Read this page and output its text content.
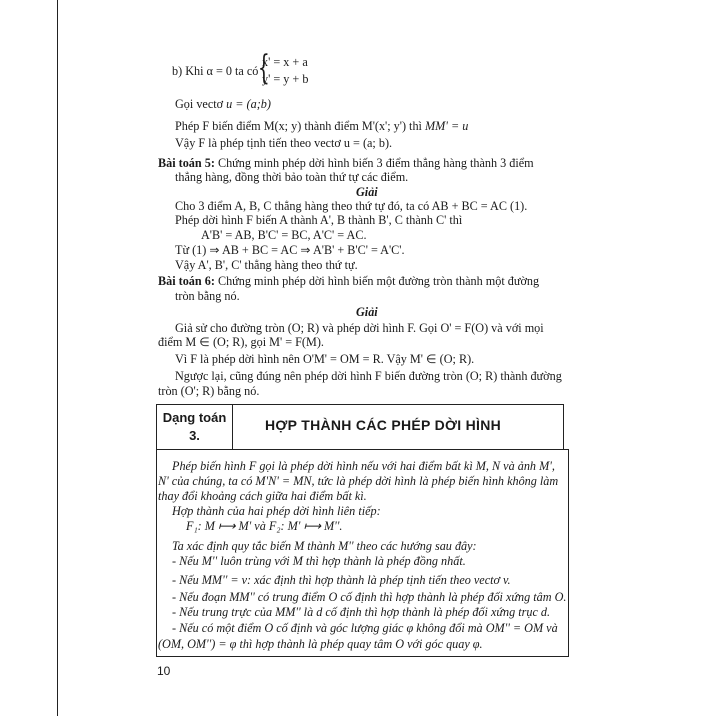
b) Khi α = 0 ta có {
x' = x + a
y' = y + b
Gọi vectơ u = (a;b)
Phép F biến điểm M(x; y) thành điểm M'(x'; y') thì MM' = u
Vậy F là phép tịnh tiến theo vectơ u = (a; b).
Bài toán 5: Chứng minh phép dời hình biến 3 điểm thẳng hàng thành 3 điểm
thẳng hàng, đồng thời bảo toàn thứ tự các điểm.
Giải
Cho 3 điểm A, B, C thẳng hàng theo thứ tự đó, ta có AB + BC = AC (1).
Phép dời hình F biến A thành A', B thành B', C thành C' thì
A'B' = AB, B'C' = BC, A'C' = AC.
Từ (1) ⇒ AB + BC = AC ⇒ A'B' + B'C' = A'C'.
Vậy A', B', C' thẳng hàng theo thứ tự.
Bài toán 6: Chứng minh phép dời hình biến một đường tròn thành một đường
tròn bằng nó.
Giải
Giả sử cho đường tròn (O; R) và phép dời hình F. Gọi O' = F(O) và với mọi
điểm M ∈ (O; R), gọi M' = F(M).
Vì F là phép dời hình nên O'M' = OM = R. Vậy M' ∈ (O; R).
Ngược lại, cũng đúng nên phép dời hình F biến đường tròn (O; R) thành đường
tròn (O'; R) bằng nó.
Dạng toán
3.
HỢP THÀNH CÁC PHÉP DỜI HÌNH
Phép biến hình F gọi là phép dời hình nếu với hai điểm bất kì M, N và ảnh M',
N' của chúng, ta có M'N' = MN, tức là phép dời hình là phép biến hình không làm
thay đổi khoảng cách giữa hai điểm bất kì.
Hợp thành của hai phép dời hình liên tiếp:
F₁: M ⟼ M' và F₂: M' ⟼ M''.
Ta xác định quy tắc biến M thành M'' theo các hướng sau đây:
- Nếu M'' luôn trùng với M thì hợp thành là phép đồng nhất.
- Nếu MM'' = v: xác định thì hợp thành là phép tịnh tiến theo vectơ v.
- Nếu đoạn MM'' có trung điểm O cố định thì hợp thành là phép đối xứng tâm O.
- Nếu trung trực của MM'' là d cố định thì hợp thành là phép đối xứng trục d.
- Nếu có một điểm O cố định và góc lượng giác φ không đổi mà OM'' = OM và
(OM, OM'') = φ thì hợp thành là phép quay tâm O với góc quay φ.
10
